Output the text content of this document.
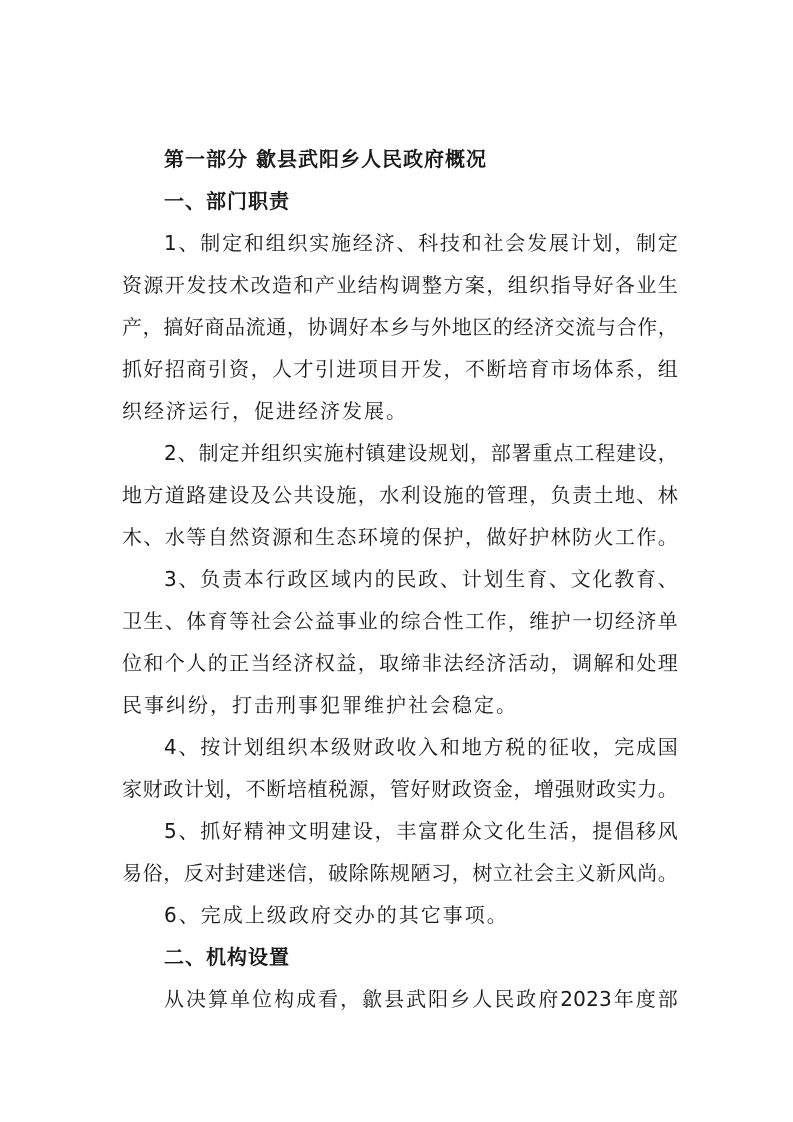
第一部分 歙县武阳乡人民政府概况
一、部门职责
1、制定和组织实施经济、科技和社会发展计划，制定
资源开发技术改造和产业结构调整方案，组织指导好各业生
产，搞好商品流通，协调好本乡与外地区的经济交流与合作，
抓好招商引资，人才引进项目开发，不断培育市场体系，组
织经济运行，促进经济发展。
2、制定并组织实施村镇建设规划，部署重点工程建设，
地方道路建设及公共设施，水利设施的管理，负责土地、林
木、水等自然资源和生态环境的保护，做好护林防火工作。
3、负责本行政区域内的民政、计划生育、文化教育、
卫生、体育等社会公益事业的综合性工作，维护一切经济单
位和个人的正当经济权益，取缔非法经济活动，调解和处理
民事纠纷，打击刑事犯罪维护社会稳定。
4、按计划组织本级财政收入和地方税的征收，完成国
家财政计划，不断培植税源，管好财政资金，增强财政实力。
5、抓好精神文明建设，丰富群众文化生活，提倡移风
易俗，反对封建迷信，破除陈规陋习，树立社会主义新风尚。
6、完成上级政府交办的其它事项。
二、机构设置
从决算单位构成看，歙县武阳乡人民政府2023年度部
